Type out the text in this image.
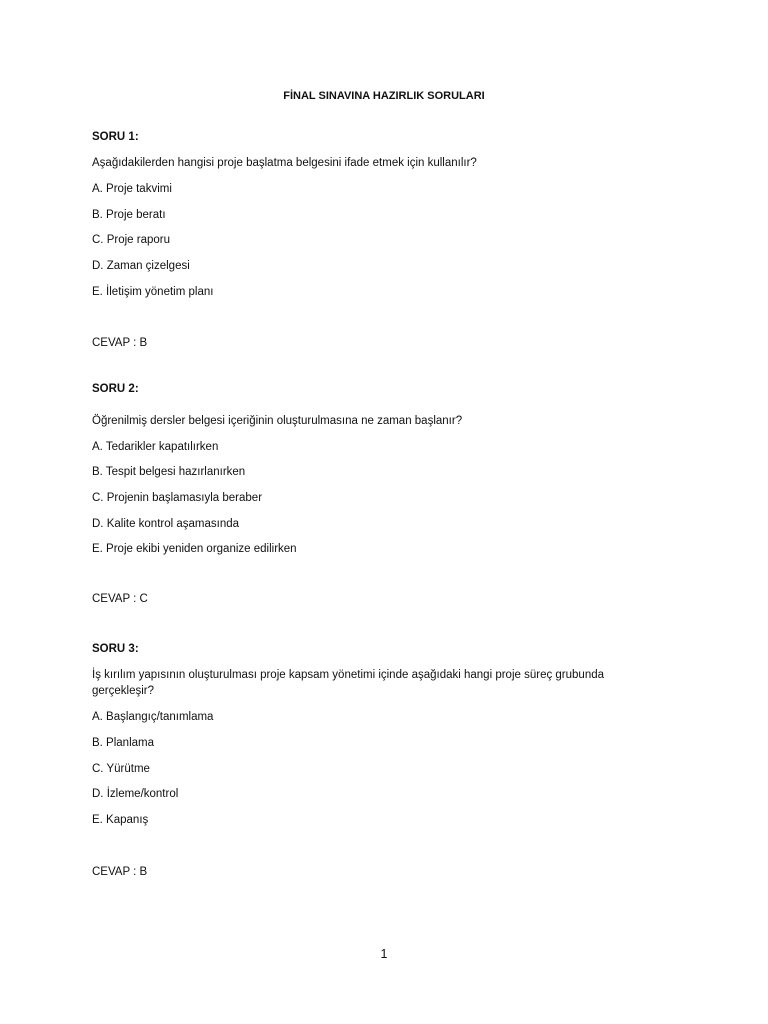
FİNAL SINAVINA HAZIRLIK SORULARI
SORU 1:
Aşağıdakilerden hangisi proje başlatma belgesini ifade etmek için kullanılır?
A. Proje takvimi
B. Proje beratı
C. Proje raporu
D. Zaman çizelgesi
E. İletişim yönetim planı
CEVAP : B
SORU 2:
Öğrenilmiş dersler belgesi içeriğinin oluşturulmasına ne zaman başlanır?
A. Tedarikler kapatılırken
B. Tespit belgesi hazırlanırken
C. Projenin başlamasıyla beraber
D. Kalite kontrol aşamasında
E. Proje ekibi yeniden organize edilirken
CEVAP : C
SORU 3:
İş kırılım yapısının oluşturulması proje kapsam yönetimi içinde aşağıdaki hangi proje süreç grubunda gerçekleşir?
A. Başlangıç/tanımlama
B. Planlama
C. Yürütme
D. İzleme/kontrol
E. Kapanış
CEVAP : B
1
